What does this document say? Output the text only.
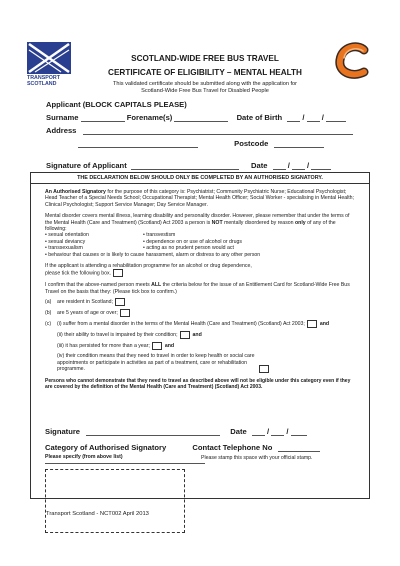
TRANSPORT
SCOTLAND
SCOTLAND-WIDE FREE BUS TRAVEL
CERTIFICATE OF ELIGIBILITY – MENTAL HEALTH
This validated certificate should be submitted along with the application for
Scotland-Wide Free Bus Travel for Disabled People
Applicant (BLOCK CAPITALS PLEASE)
Surname	Forename(s)	Date of Birth  /  /
Address
Postcode
Signature of Applicant	Date  /  /
THE DECLARATION BELOW SHOULD ONLY BE COMPLETED BY AN AUTHORISED SIGNATORY.
An Authorised Signatory for the purpose of this category is: Psychiatrist; Community Psychiatric Nurse; Educational Psychologist; Head Teacher of a Special Needs School; Occupational Therapist; Mental Health Officer; Social Worker - specialising in Mental Health; Clinical Psychologist; Support Service Manager; Day Service Manager.
Mental disorder covers mental illness, learning disability and personality disorder. However, please remember that under the terms of the Mental Health (Care and Treatment) (Scotland) Act 2003 a person is NOT mentally disordered by reason only of any of the following:
• sexual orientation
• sexual deviancy
• transsexualism
• transvestism
• dependence on or use of alcohol or drugs
• acting as no prudent person would act
• behaviour that causes or is likely to cause harassment, alarm or distress to any other person
If the applicant is attending a rehabilitation programme for an alcohol or drug dependence,
please tick the following box.
I confirm that the above-named person meets ALL the criteria below for the issue of an Entitlement Card for Scotland-Wide Free Bus Travel on the basis that they: (Please tick box to confirm.)
(a)	are resident in Scotland;
(b)	are 5 years of age or over;
(c)	(i) suffer from a mental disorder in the terms of the Mental Health (Care and Treatment) (Scotland) Act 2003;	and
(ii) their ability to travel is impaired by their condition;	and
(iii) it has persisted for more than a year;	and
(iv) their condition means that they need to travel in order to keep health or social care appointments or participate in activities as part of a treatment, care or rehabilitation programme.
Persons who cannot demonstrate that they need to travel as described above will not be eligible under this category even if they are covered by the definition of the Mental Health (Care and Treatment) (Scotland) Act 2003.
Signature	Date  /  /
Category of Authorised Signatory	Contact Telephone No
Please specify (from above list)	Please stamp this space with your official stamp.
Transport Scotland - NCT002 April 2013
